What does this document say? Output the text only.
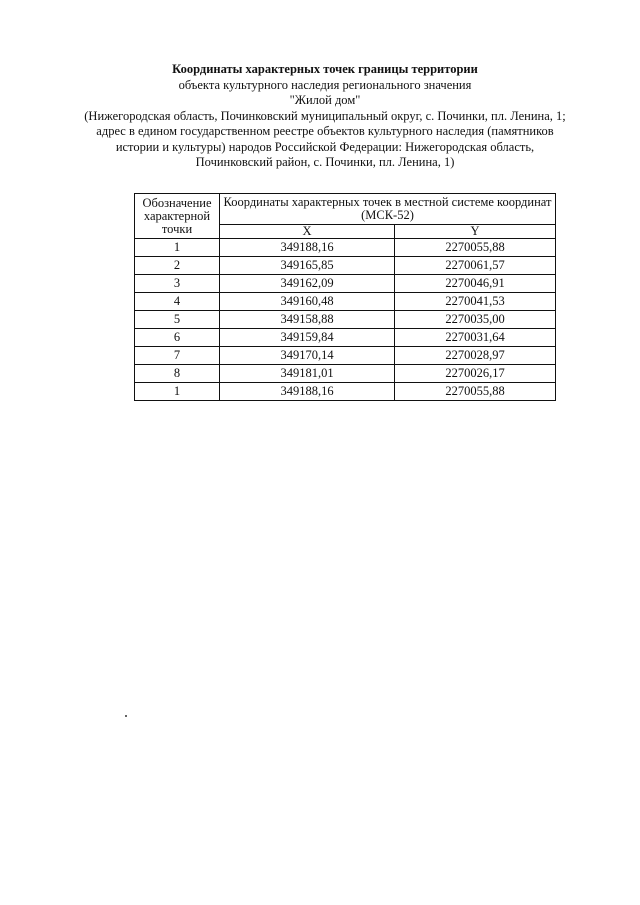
Координаты характерных точек границы территории
объекта культурного наследия регионального значения
"Жилой дом"
(Нижегородская область, Починковский муниципальный округ, с. Починки, пл. Ленина, 1;
адрес в едином государственном реестре объектов культурного наследия (памятников
истории и культуры) народов Российской Федерации: Нижегородская область,
Починковский район, с. Починки, пл. Ленина, 1)
Обозначение характерной точки	Координаты характерных точек в местной системе координат (МСК-52)	
	X	Y
1	349188,16	2270055,88
2	349165,85	2270061,57
3	349162,09	2270046,91
4	349160,48	2270041,53
5	349158,88	2270035,00
6	349159,84	2270031,64
7	349170,14	2270028,97
8	349181,01	2270026,17
1	349188,16	2270055,88
